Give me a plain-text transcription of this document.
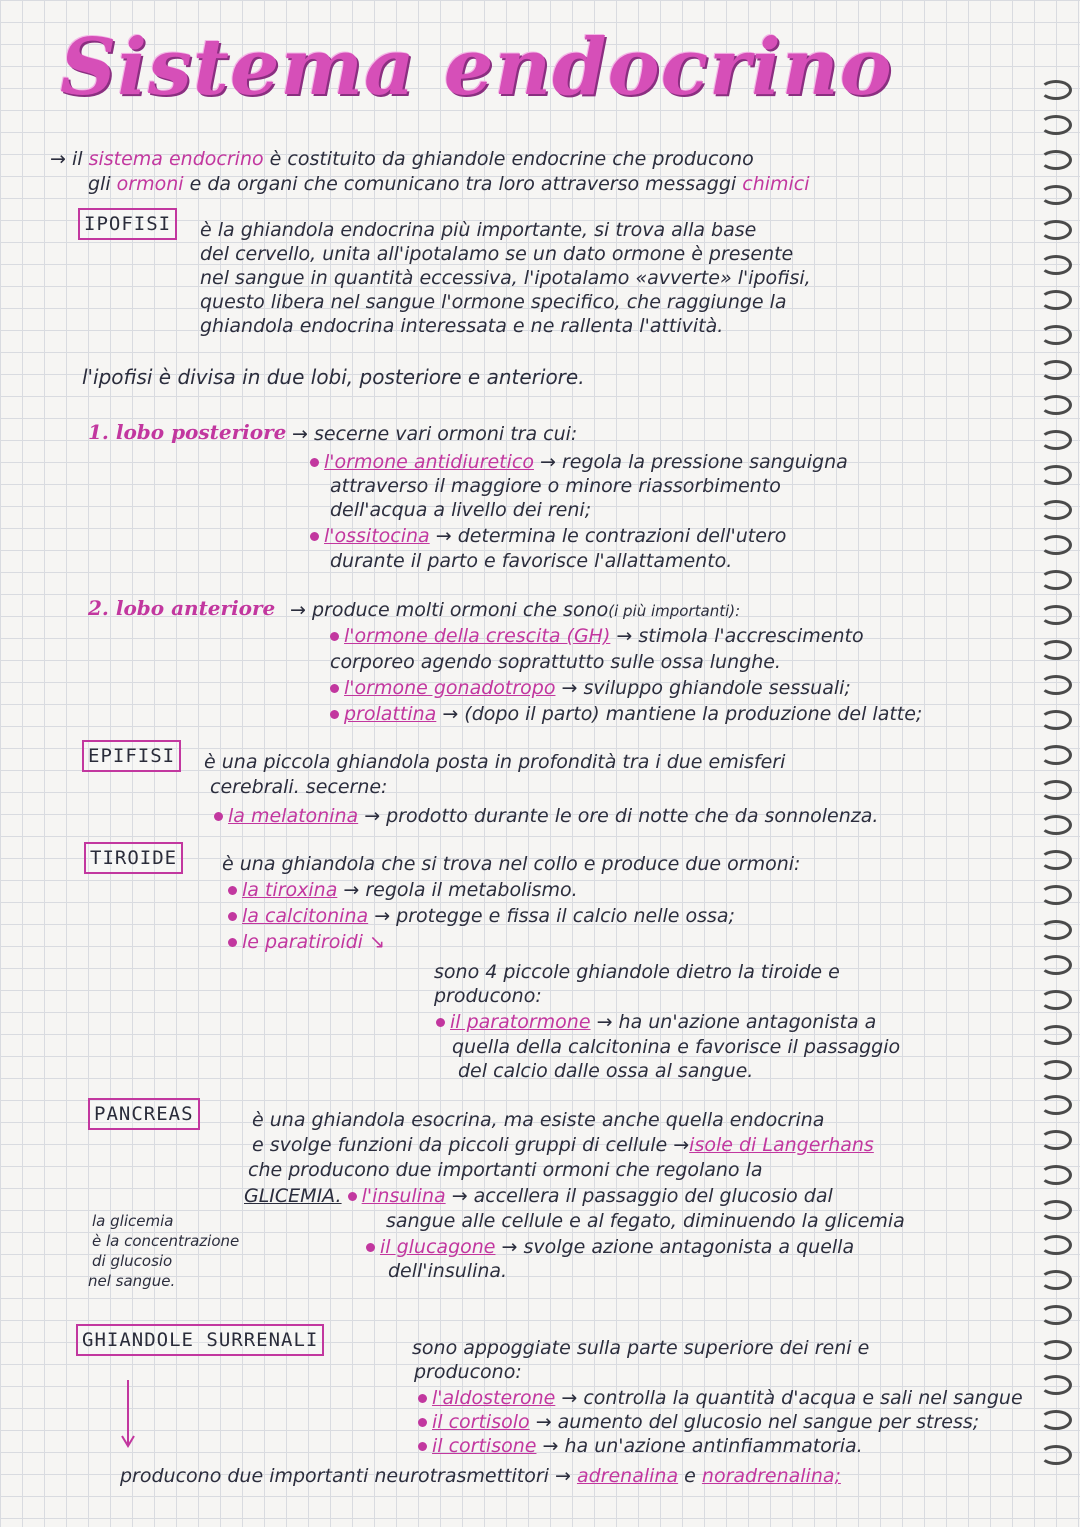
Sistema endocrino
→ il sistema endocrino è costituito da ghiandole endocrine che producono
gli ormoni e da organi che comunicano tra loro attraverso messaggi chimici
IPOFISI	è la ghiandola endocrina più importante, si trova alla base
del cervello, unita all'ipotalamo se un dato ormone è presente
nel sangue in quantità eccessiva, l'ipotalamo «avverte» l'ipofisi,
questo libera nel sangue l'ormone specifico, che raggiunge la
ghiandola endocrina interessata e ne rallenta l'attività.
l'ipofisi è divisa in due lobi, posteriore e anteriore.
1. lobo posteriore → secerne vari ormoni tra cui:
l'ormone antidiuretico → regola la pressione sanguigna
attraverso il maggiore o minore riassorbimento
dell'acqua a livello dei reni;
l'ossitocina → determina le contrazioni dell'utero
durante il parto e favorisce l'allattamento.
2. lobo anteriore → produce molti ormoni che sono(i più importanti):
l'ormone della crescita (GH) → stimola l'accrescimento
corporeo agendo soprattutto sulle ossa lunghe.
l'ormone gonadotropo → sviluppo ghiandole sessuali;
prolattina → (dopo il parto) mantiene la produzione del latte;
EPIFISI	è una piccola ghiandola posta in profondità tra i due emisferi
cerebrali. secerne:
la melatonina → prodotto durante le ore di notte che da sonnolenza.
TIROIDE	è una ghiandola che si trova nel collo e produce due ormoni:
la tiroxina → regola il metabolismo.
la calcitonina → protegge e fissa il calcio nelle ossa;
le paratiroidi ↘
sono 4 piccole ghiandole dietro la tiroide e
producono:
il paratormone → ha un'azione antagonista a
quella della calcitonina e favorisce il passaggio
del calcio dalle ossa al sangue.
PANCREAS	è una ghiandola esocrina, ma esiste anche quella endocrina
e svolge funzioni da piccoli gruppi di cellule →isole di Langerhans
che producono due importanti ormoni che regolano la
GLICEMIA. l'insulina → accellera il passaggio del glucosio dal
sangue alle cellule e al fegato, diminuendo la glicemia
il glucagone → svolge azione antagonista a quella
dell'insulina.
la glicemia
è la concentrazione
di glucosio
nel sangue.
GHIANDOLE SURRENALI	sono appoggiate sulla parte superiore dei reni e
producono:
l'aldosterone → controlla la quantità d'acqua e sali nel sangue
il cortisolo → aumento del glucosio nel sangue per stress;
il cortisone → ha un'azione antinfiammatoria.
producono due importanti neurotrasmettitori → adrenalina e noradrenalina;
